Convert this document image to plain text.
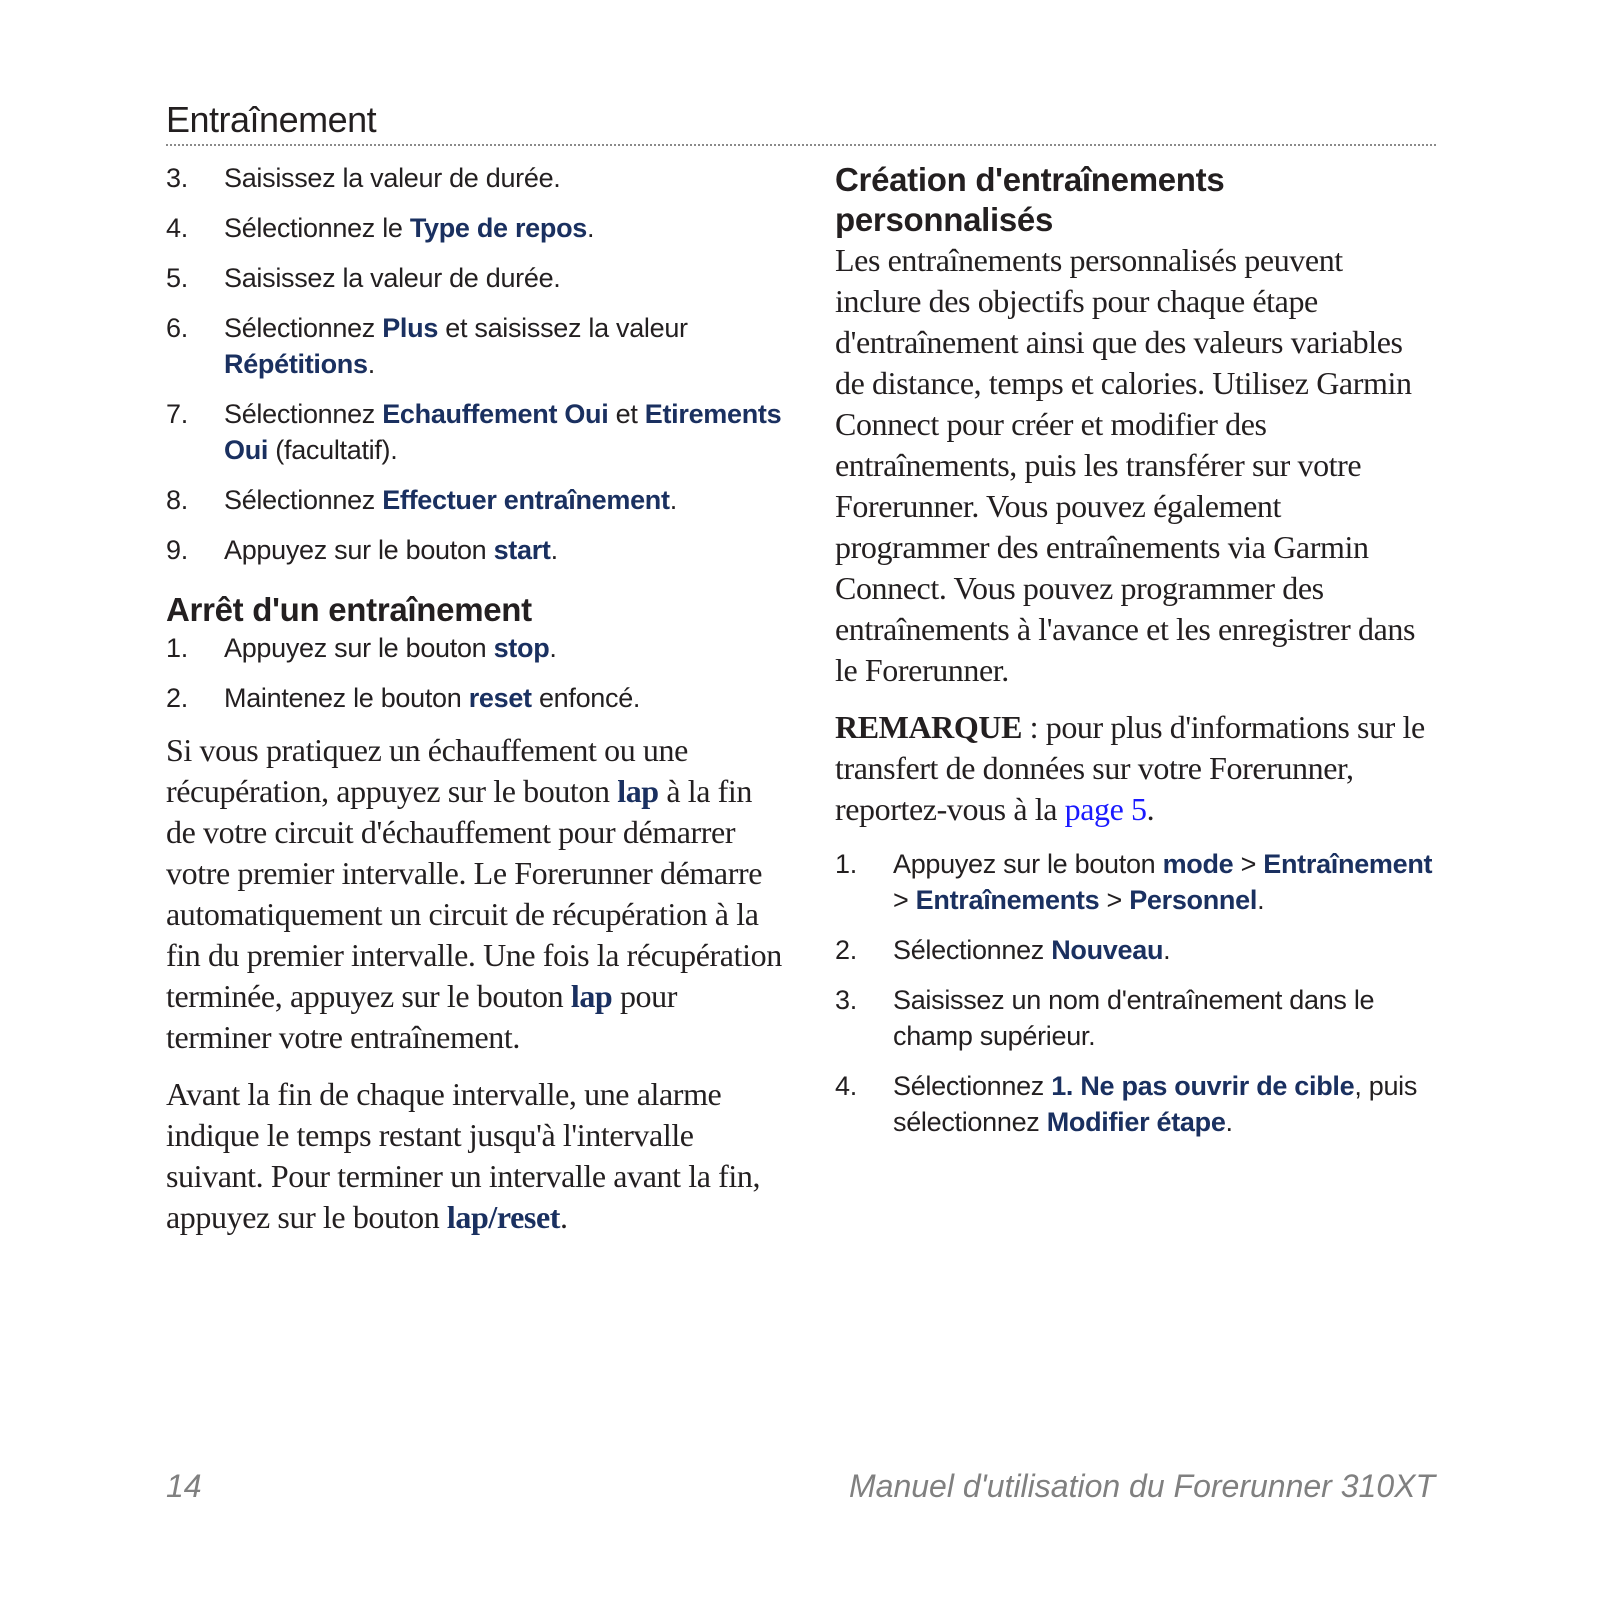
Entraînement
3.	Saisissez la valeur de durée.
4.	Sélectionnez le Type de repos.
5.	Saisissez la valeur de durée.
6.	Sélectionnez Plus et saisissez la valeur Répétitions.
7.	Sélectionnez Echauffement Oui et Etirements Oui (facultatif).
8.	Sélectionnez Effectuer entraînement.
9.	Appuyez sur le bouton start.
Arrêt d'un entraînement
1.	Appuyez sur le bouton stop.
2.	Maintenez le bouton reset enfoncé.

Si vous pratiquez un échauffement ou une récupération, appuyez sur le bouton lap à la fin de votre circuit d'échauffement pour démarrer votre premier intervalle. Le Forerunner démarre automatiquement un circuit de récupération à la fin du premier intervalle. Une fois la récupération terminée, appuyez sur le bouton lap pour terminer votre entraînement.

Avant la fin de chaque intervalle, une alarme indique le temps restant jusqu'à l'intervalle suivant. Pour terminer un intervalle avant la fin, appuyez sur le bouton lap/reset.

Création d'entraînements personnalisés

Les entraînements personnalisés peuvent inclure des objectifs pour chaque étape d'entraînement ainsi que des valeurs variables de distance, temps et calories. Utilisez Garmin Connect pour créer et modifier des entraînements, puis les transférer sur votre Forerunner. Vous pouvez également programmer des entraînements via Garmin Connect. Vous pouvez programmer des entraînements à l'avance et les enregistrer dans le Forerunner.

REMARQUE : pour plus d'informations sur le transfert de données sur votre Forerunner, reportez-vous à la page 5.

1.	Appuyez sur le bouton mode > Entraînement > Entraînements > Personnel.
2.	Sélectionnez Nouveau.
3.	Saisissez un nom d'entraînement dans le champ supérieur.
4.	Sélectionnez 1. Ne pas ouvrir de cible, puis sélectionnez Modifier étape.
14	Manuel d'utilisation du Forerunner 310XT
